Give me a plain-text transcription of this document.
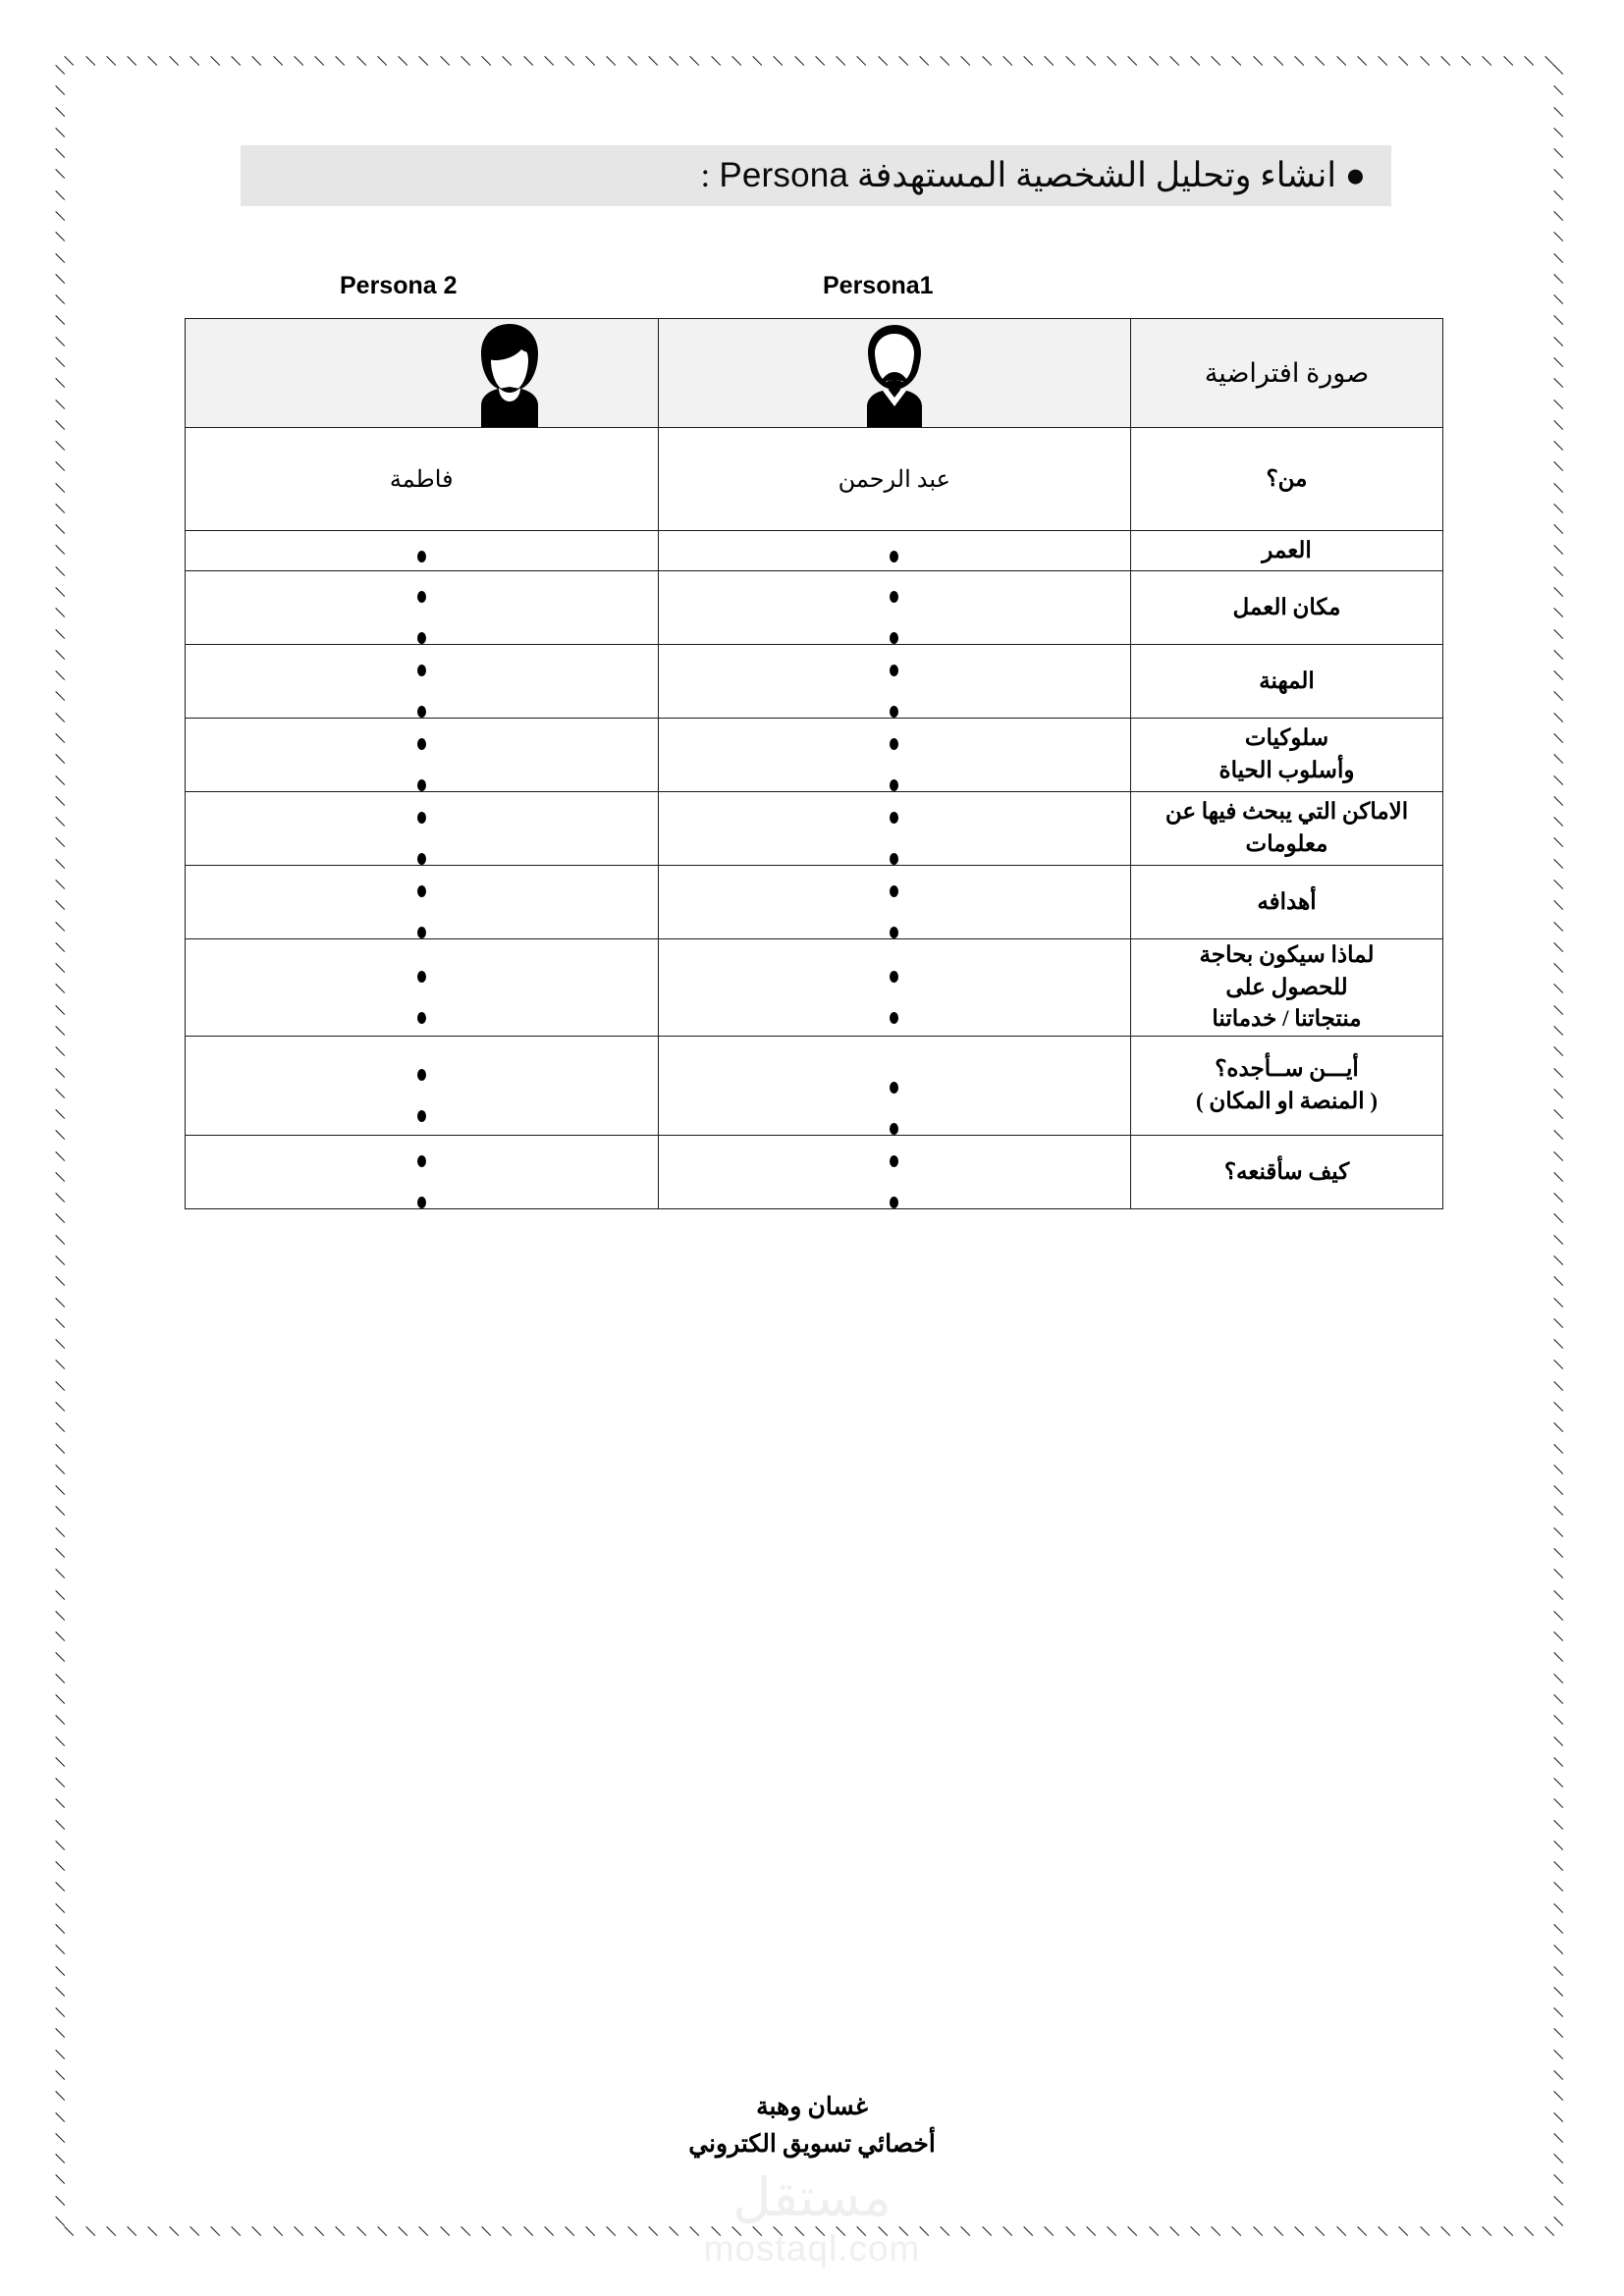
● انشاء وتحليل الشخصية المستهدفة Persona :
Persona 2	Persona1
صورة افتراضية	

من؟	عبد الرحمن	فاطمة
العمر	

مكان العمل	

المهنة	

سلوكيات
وأسلوب الحياة	

الاماكن التي يبحث فيها عن
معلومات	

أهدافه	

لماذا سيكون بحاجة
للحصول على
منتجاتنا / خدماتنا	

أيـــن ســأجده؟
( المنصة او المكان )	

كيف سأقنعه؟	

غسان وهبة
أخصائي تسويق الكتروني
مستقل
mostaql.com
